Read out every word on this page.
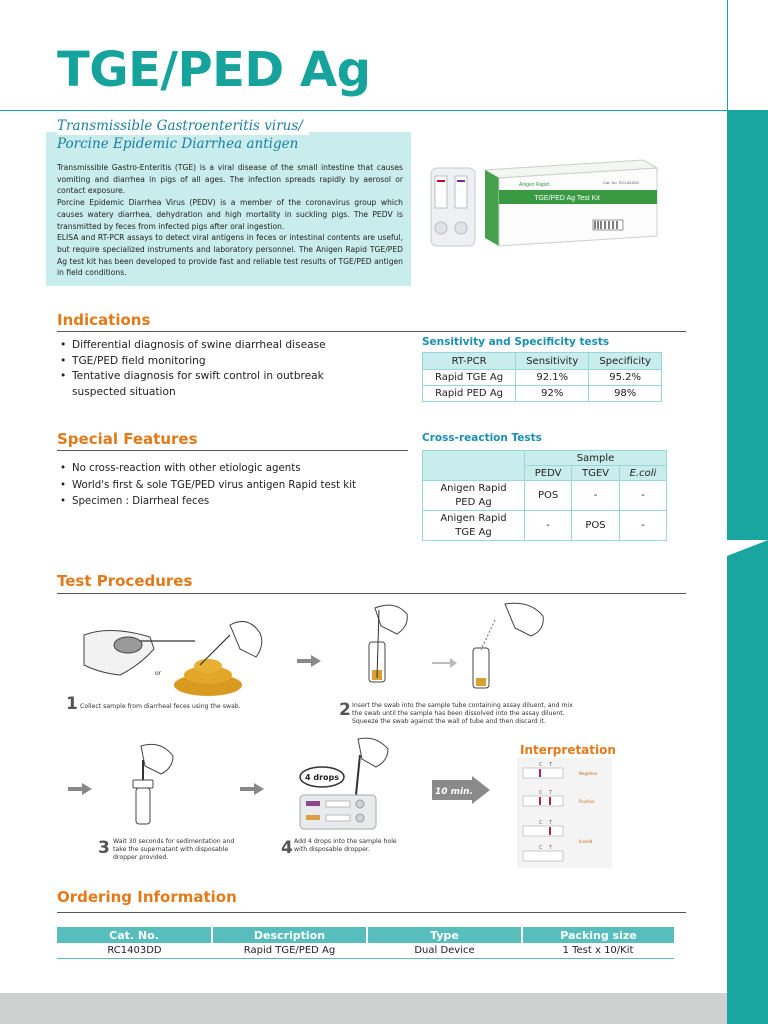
TGE/PED Ag
Transmissible Gastroenteritis virus/
Porcine Epidemic Diarrhea antigen

Transmissible Gastro-Enteritis (TGE) is a viral disease of the small intestine that causes vomiting and diarrhea in pigs of all ages. The infection spreads rapidly by aerosol or contact exposure.

Porcine Epidemic Diarrhea Virus (PEDV) is a member of the coronavirus group which causes watery diarrhea, dehydration and high mortality in suckling pigs. The PEDV is transmitted by feces from infected pigs after oral ingestion.

ELISA and RT-PCR assays to detect viral antigens in feces or intestinal contents are useful, but require specialized instruments and laboratory personnel. The Anigen Rapid TGE/PED Ag test kit has been developed to provide fast and reliable test results of TGE/PED antigen in field conditions.

TGE/PED Ag Test Kit
Anigen Rapid	Cat. No. RC1403DD
Indications
• Differential diagnosis of swine diarrheal disease
• TGE/PED field monitoring
• Tentative diagnosis for swift control in outbreak
suspected situation
Sensitivity and Specificity tests
RT-PCR	Sensitivity	Specificity
Rapid TGE Ag	92.1%	95.2%
Rapid PED Ag	92%	98%
Special Features
• No cross-reaction with other etiologic agents
• World's first & sole TGE/PED virus antigen Rapid test kit
• Specimen : Diarrheal feces
Cross-reaction Tests
	Sample		
	PEDV	TGEV	E.coli
Anigen Rapid
PED Ag	POS	-	-
Anigen Rapid
TGE Ag	-	POS	-
Test Procedures
or
1 Collect sample from diarrheal feces using the swab.	2 Insert the swab into the sample tube containing assay diluent, and mix
the swab until the sample has been dissolved into the assay diluent.
Squeeze the swab against the wall of tube and then discard it.
3 Wait 30 seconds for sedimentation and
take the supernatant with disposable
dropper provided.
4 drops
4 Add 4 drops into the sample hole
with disposable dropper.
10 min.
Interpretation
C T
Negative
C T
Positive
C T
Invalid
C T
Ordering Information
Cat. No.	Description	Type	Packing size
RC1403DD	Rapid TGE/PED Ag	Dual Device	1 Test x 10/Kit
